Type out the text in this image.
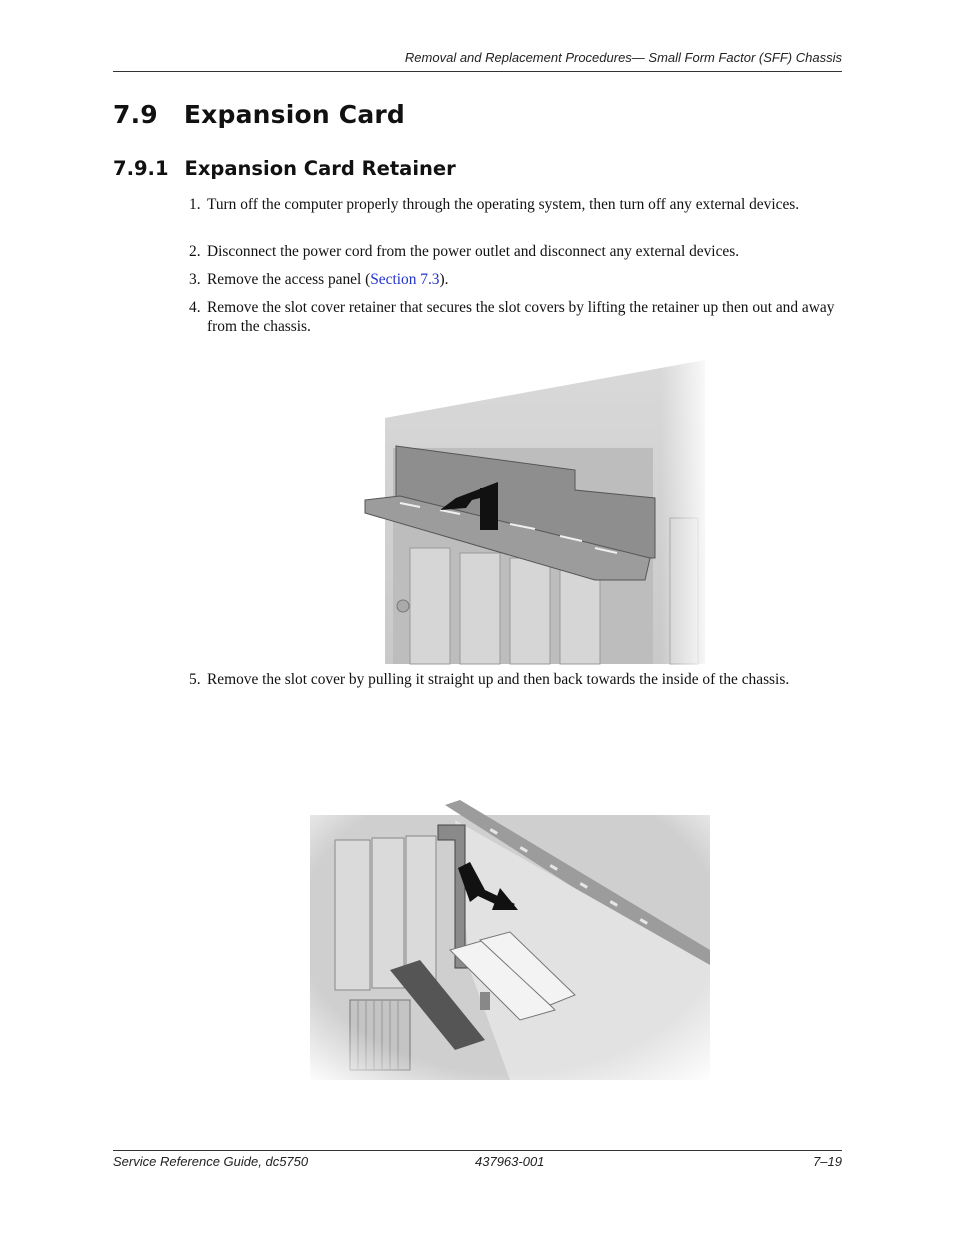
Removal and Replacement Procedures— Small Form Factor (SFF) Chassis
7.9 Expansion Card
7.9.1 Expansion Card Retainer
1. Turn off the computer properly through the operating system, then turn off any external devices.
2. Disconnect the power cord from the power outlet and disconnect any external devices.
3. Remove the access panel (Section 7.3).
4. Remove the slot cover retainer that secures the slot covers by lifting the retainer up then out and away from the chassis.
5. Remove the slot cover by pulling it straight up and then back towards the inside of the chassis.
Service Reference Guide, dc5750	437963-001	7–19
